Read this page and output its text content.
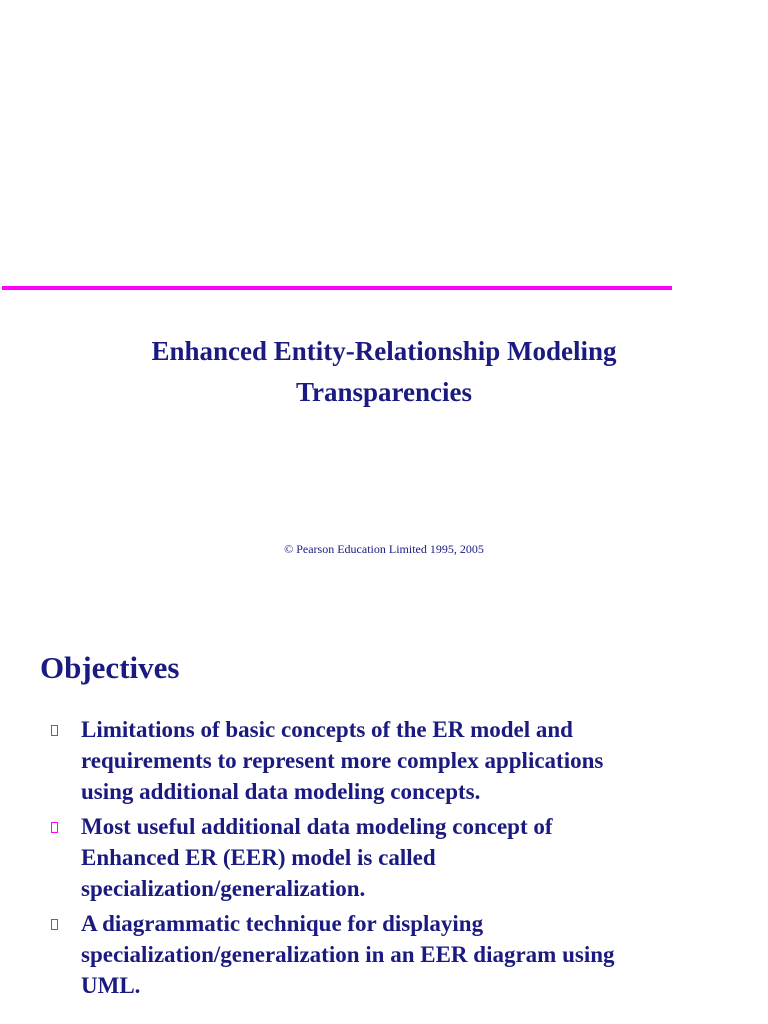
Enhanced Entity-Relationship Modeling
Transparencies
© Pearson Education Limited 1995, 2005
Objectives
Limitations of basic concepts of the ER model and
requirements to represent more complex applications
using additional data modeling concepts.
Most useful additional data modeling concept of
Enhanced ER (EER) model is called
specialization/generalization.
A diagrammatic technique for displaying
specialization/generalization in an EER diagram using
UML.
